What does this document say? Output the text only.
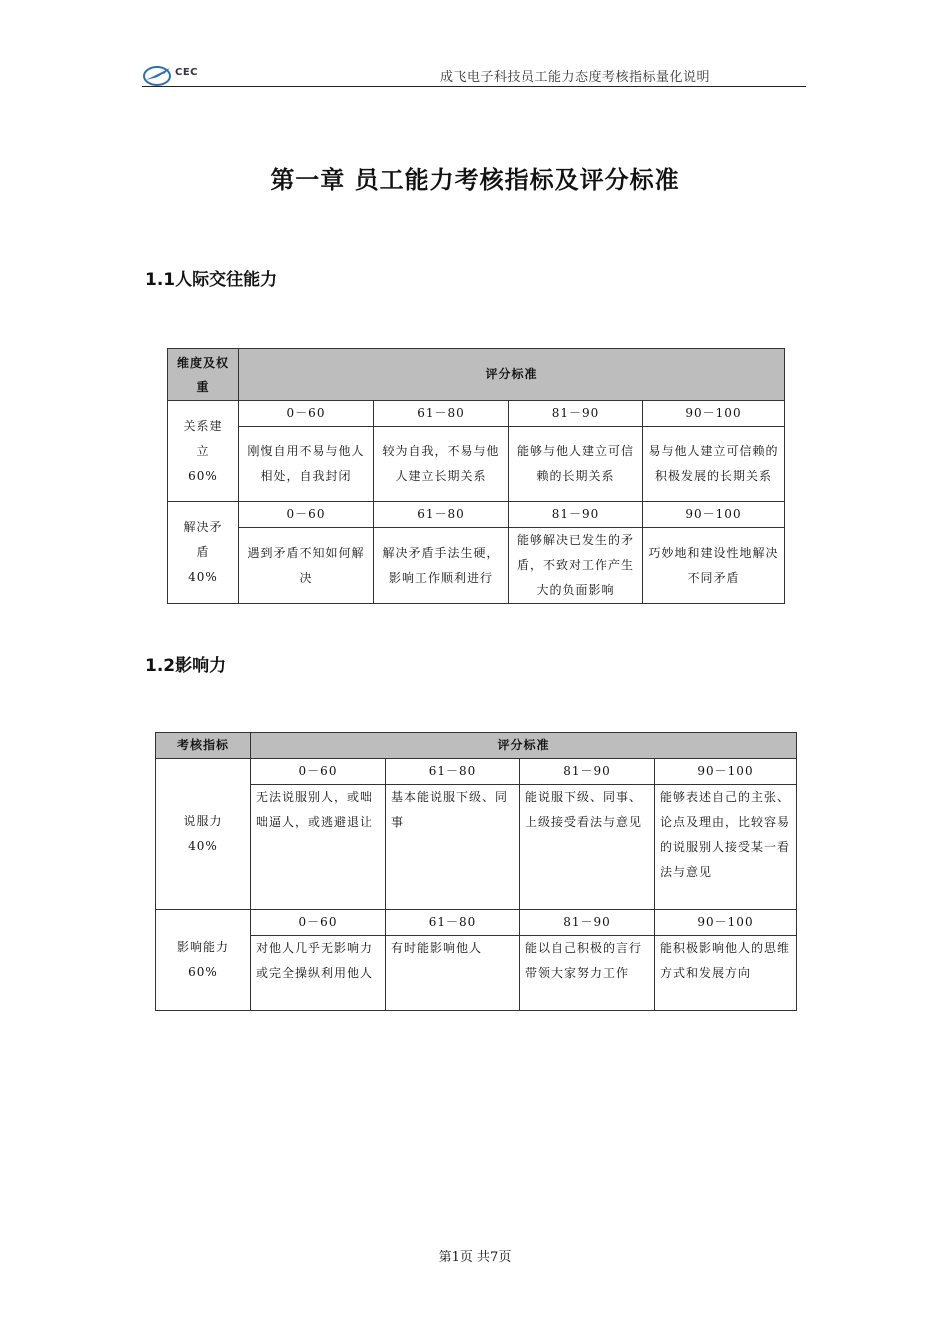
CEC	成飞电子科技员工能力态度考核指标量化说明
第一章 员工能力考核指标及评分标准
1.1人际交往能力
维度及权重	评分标准			

关系建立
60%	0－60	61－80	81－90	90－100
	刚愎自用不易与他人相处，自我封闭	较为自我，不易与他人建立长期关系	能够与他人建立可信赖的长期关系	易与他人建立可信赖的积极发展的长期关系

解决矛盾
40%	0－60	61－80	81－90	90－100
	遇到矛盾不知如何解决	解决矛盾手法生硬，影响工作顺利进行	能够解决已发生的矛盾，不致对工作产生大的负面影响	巧妙地和建设性地解决不同矛盾
1.2影响力
考核指标	评分标准			

说服力
40%	0－60	61－80	81－90	90－100
	无法说服别人，或咄咄逼人，或逃避退让	基本能说服下级、同事	能说服下级、同事、上级接受看法与意见	能够表述自己的主张、论点及理由，比较容易的说服别人接受某一看法与意见

影响能力
60%	0－60	61－80	81－90	90－100
	对他人几乎无影响力或完全操纵利用他人	有时能影响他人	能以自己积极的言行带领大家努力工作	能积极影响他人的思维方式和发展方向
第1页 共7页
